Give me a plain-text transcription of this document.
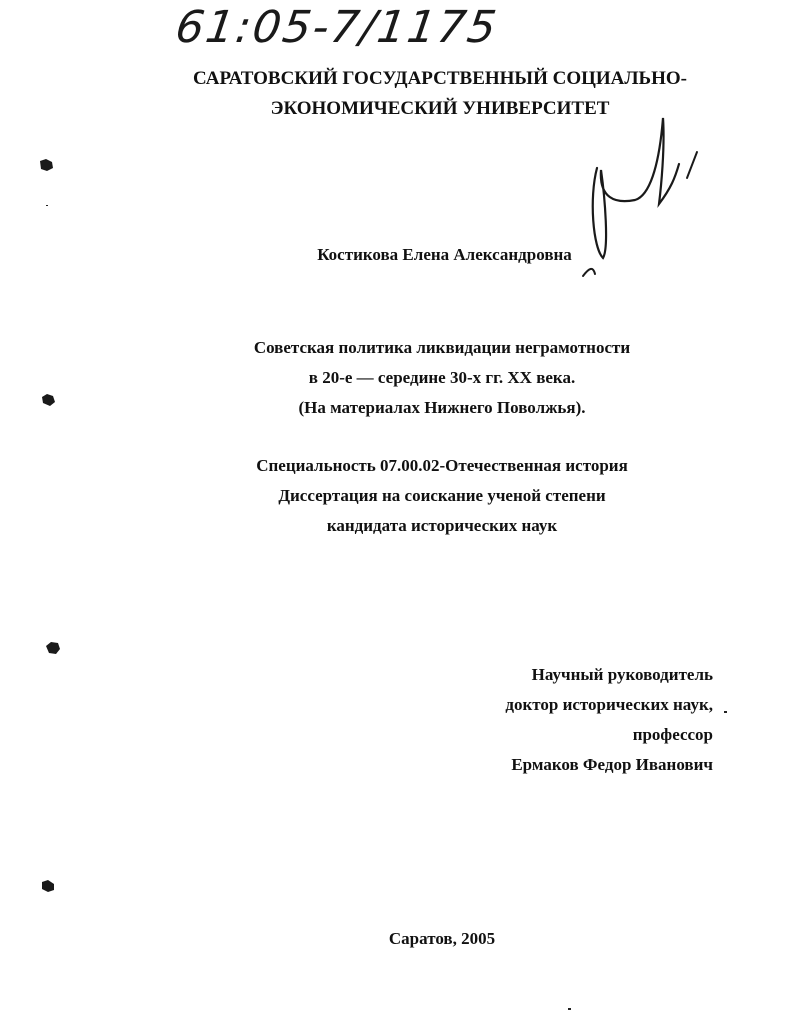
61:05-7/1175
САРАТОВСКИЙ ГОСУДАРСТВЕННЫЙ СОЦИАЛЬНО-
ЭКОНОМИЧЕСКИЙ УНИВЕРСИТЕТ
Костикова Елена Александровна
Советская политика ликвидации неграмотности
в 20-е — середине 30-х гг. XX века.
(На материалах Нижнего Поволжья).
Специальность 07.00.02-Отечественная история
Диссертация на соискание ученой степени
кандидата исторических наук
Научный руководитель
доктор исторических наук,
профессор
Ермаков Федор Иванович
Саратов, 2005
